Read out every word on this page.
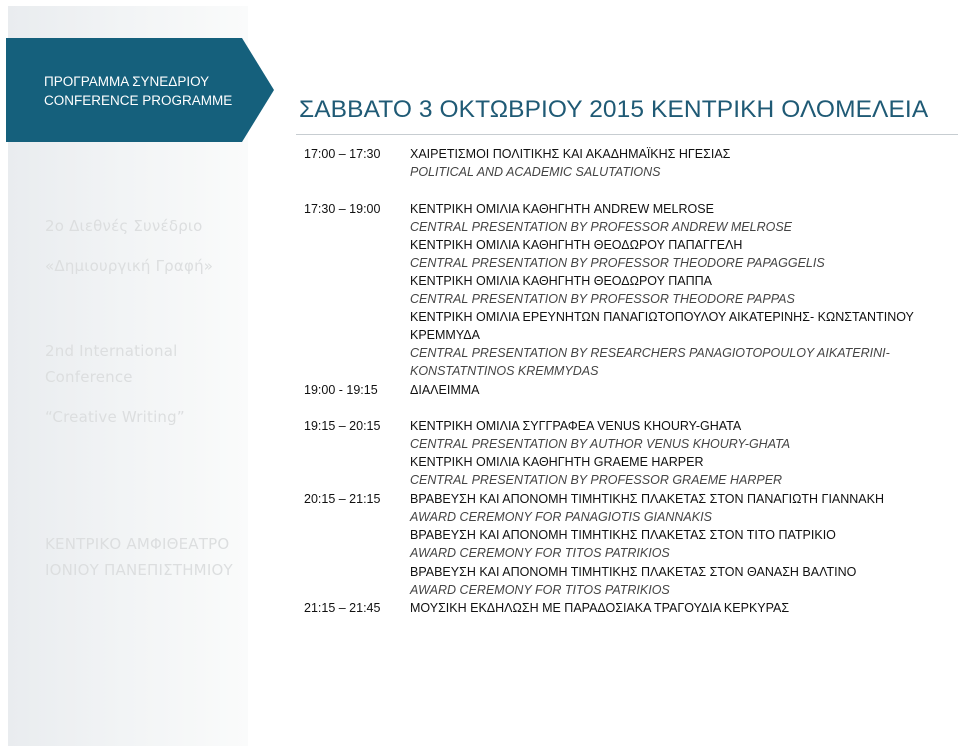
ΠΡΟΓΡΑΜΜΑ ΣΥΝΕΔΡΙΟΥ
CONFERENCE PROGRAMME
2ο Διεθνές Συνέδριο
«Δημιουργική Γραφή»
2nd International
Conference
“Creative Writing”
ΚΕΝΤΡΙΚΟ ΑΜΦΙΘΕΑΤΡΟ
ΙΟΝΙΟΥ ΠΑΝΕΠΙΣΤΗΜΙΟΥ
ΣΑΒΒΑΤΟ 3 ΟΚΤΩΒΡΙΟΥ 2015 ΚΕΝΤΡΙΚΗ ΟΛΟΜΕΛΕΙΑ
17:00 – 17:30 ΧΑΙΡΕΤΙΣΜΟΙ ΠΟΛΙΤΙΚΗΣ ΚΑΙ ΑΚΑΔΗΜΑΪΚΗΣ ΗΓΕΣΙΑΣ
POLITICAL AND ACADEMIC SALUTATIONS
17:30 – 19:00 ΚΕΝΤΡΙΚΗ ΟΜΙΛΙΑ ΚΑΘΗΓΗΤΗ ANDREW MELROSE
CENTRAL PRESENTATION BY PROFESSOR ANDREW MELROSE
ΚΕΝΤΡΙΚΗ ΟΜΙΛΙΑ ΚΑΘΗΓΗΤΗ ΘΕΟΔΩΡΟΥ ΠΑΠΑΓΓΕΛΗ
CENTRAL PRESENTATION BY PROFESSOR THEODORE PAPAGGELIS
ΚΕΝΤΡΙΚΗ ΟΜΙΛΙΑ ΚΑΘΗΓΗΤΗ ΘΕΟΔΩΡΟΥ ΠΑΠΠΑ
CENTRAL PRESENTATION BY PROFESSOR THEODORE PAPPAS
ΚΕΝΤΡΙΚΗ ΟΜΙΛΙΑ ΕΡΕΥΝΗΤΩΝ ΠΑΝΑΓΙΩΤΟΠΟΥΛΟΥ ΑΙΚΑΤΕΡΙΝΗΣ- ΚΩΝΣΤΑΝΤΙΝΟΥ
ΚΡΕΜΜΥΔΑ
CENTRAL PRESENTATION BY RESEARCHERS PANAGIOTOPOULOY AIKATERINI-
KONSTATNTINOS KREMMYDAS
19:00 - 19:15	ΔΙΑΛΕΙΜΜΑ
19:15 – 20:15 ΚΕΝΤΡΙΚΗ ΟΜΙΛΙΑ ΣΥΓΓΡΑΦΕΑ VENUS KHOURY-GHATA
CENTRAL PRESENTATION BY AUTHOR VENUS KHOURY-GHATA
ΚΕΝΤΡΙΚΗ ΟΜΙΛΙΑ ΚΑΘΗΓΗΤΗ GRAEME HARPER
CENTRAL PRESENTATION BY PROFESSOR GRAEME HARPER
20:15 – 21:15 ΒΡΑΒΕΥΣΗ ΚΑΙ ΑΠΟΝΟΜΗ ΤΙΜΗΤΙΚΗΣ ΠΛΑΚΕΤΑΣ ΣΤΟΝ ΠΑΝΑΓΙΩΤΗ ΓΙΑΝΝΑΚΗ
AWARD CEREMONY FOR PANAGIOTIS GIANNAKIS
ΒΡΑΒΕΥΣΗ ΚΑΙ ΑΠΟΝΟΜΗ ΤΙΜΗΤΙΚΗΣ ΠΛΑΚΕΤΑΣ ΣΤΟΝ ΤΙΤΟ ΠΑΤΡΙΚΙΟ
AWARD CEREMONY FOR TITOS PATRIKIOS
ΒΡΑΒΕΥΣΗ ΚΑΙ ΑΠΟΝΟΜΗ ΤΙΜΗΤΙΚΗΣ ΠΛΑΚΕΤΑΣ ΣΤΟΝ ΘΑΝΑΣΗ ΒΑΛΤΙΝΟ
AWARD CEREMONY FOR TITOS PATRIKIOS
21:15 – 21:45 ΜΟΥΣΙΚΗ ΕΚΔΗΛΩΣΗ ΜΕ ΠΑΡΑΔΟΣΙΑΚΑ ΤΡΑΓΟΥΔΙΑ ΚΕΡΚΥΡΑΣ
